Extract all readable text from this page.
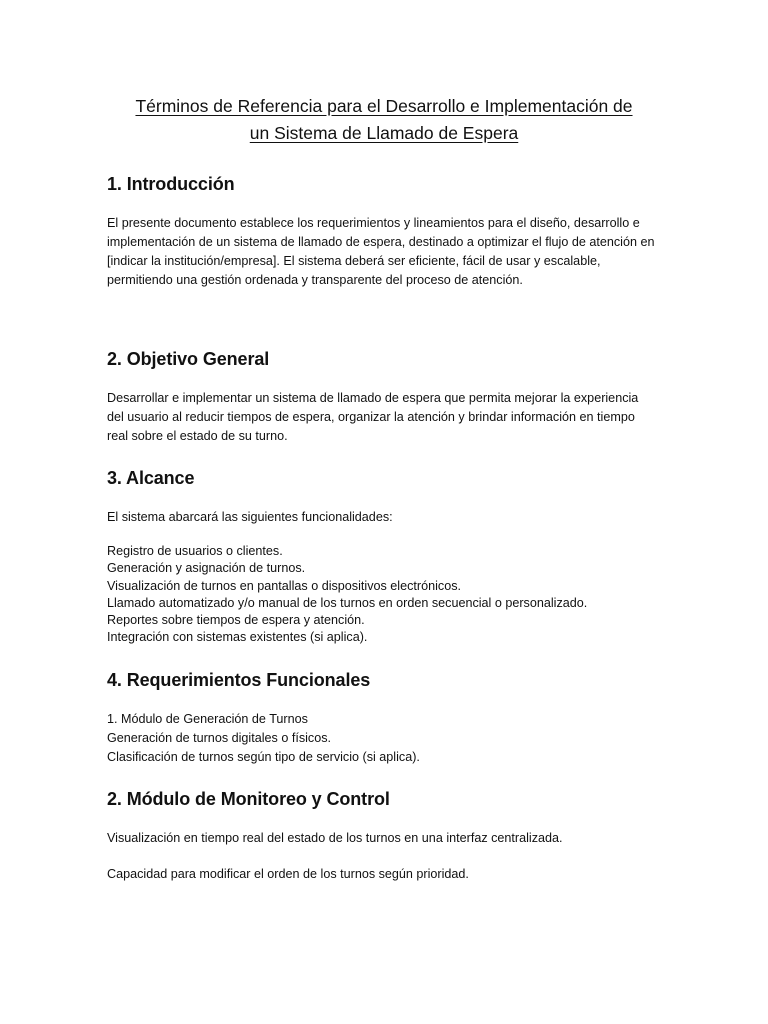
Términos de Referencia para el Desarrollo e Implementación de
un Sistema de Llamado de Espera
1. Introducción

El presente documento establece los requerimientos y lineamientos para el diseño, desarrollo e
implementación de un sistema de llamado de espera, destinado a optimizar el flujo de atención en
[indicar la institución/empresa]. El sistema deberá ser eficiente, fácil de usar y escalable,
permitiendo una gestión ordenada y transparente del proceso de atención.

2. Objetivo General

Desarrollar e implementar un sistema de llamado de espera que permita mejorar la experiencia
del usuario al reducir tiempos de espera, organizar la atención y brindar información en tiempo
real sobre el estado de su turno.

3. Alcance

El sistema abarcará las siguientes funcionalidades:

Registro de usuarios o clientes.
Generación y asignación de turnos.
Visualización de turnos en pantallas o dispositivos electrónicos.
Llamado automatizado y/o manual de los turnos en orden secuencial o personalizado.
Reportes sobre tiempos de espera y atención.
Integración con sistemas existentes (si aplica).
4. Requerimientos Funcionales
1. Módulo de Generación de Turnos
Generación de turnos digitales o físicos.
Clasificación de turnos según tipo de servicio (si aplica).
2. Módulo de Monitoreo y Control

Visualización en tiempo real del estado de los turnos en una interfaz centralizada.

Capacidad para modificar el orden de los turnos según prioridad.
